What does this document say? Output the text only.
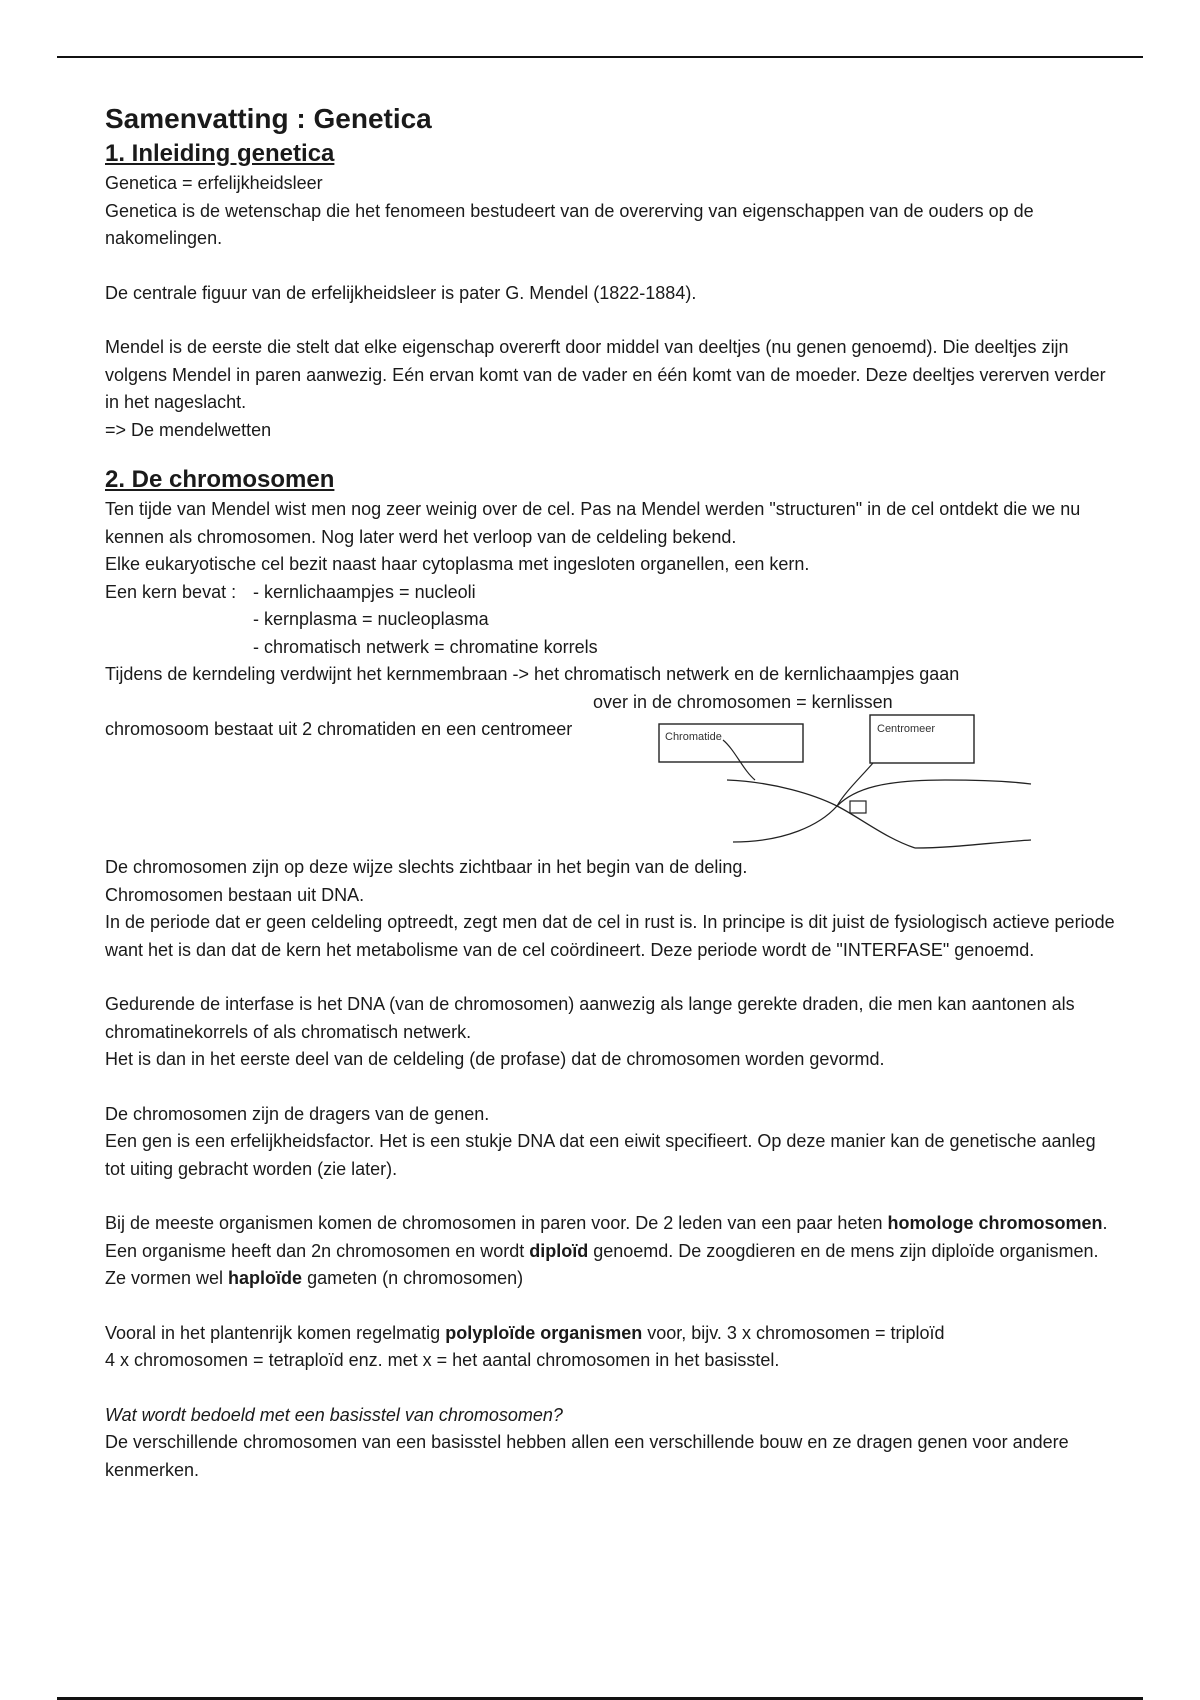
Samenvatting : Genetica

1. Inleiding genetica

Genetica = erfelijkheidsleer

Genetica is de wetenschap die het fenomeen bestudeert van de overerving van eigenschappen van de ouders op de nakomelingen.

De centrale figuur van de erfelijkheidsleer is pater G. Mendel (1822-1884).

Mendel is de eerste die stelt dat elke eigenschap overerft door middel van deeltjes (nu genen genoemd). Die deeltjes zijn volgens Mendel in paren aanwezig. Eén ervan komt van de vader en één komt van de moeder. Deze deeltjes vererven verder in het nageslacht.

=> De mendelwetten

2. De chromosomen

Ten tijde van Mendel wist men nog zeer weinig over de cel. Pas na Mendel werden "structuren" in de cel ontdekt die we nu kennen als chromosomen. Nog later werd het verloop van de celdeling bekend.

Elke eukaryotische cel bezit naast haar cytoplasma met ingesloten organellen, een kern.

Een kern bevat : - kernlichaampjes = nucleoli

- kernplasma = nucleoplasma

- chromatisch netwerk = chromatine korrels

Tijdens de kerndeling verdwijnt het kernmembraan -> het chromatisch netwerk en de kernlichaampjes gaan

over in de chromosomen = kernlissen

chromosoom bestaat uit 2 chromatiden en een centromeer	Chromatide
Centromeer

De chromosomen zijn op deze wijze slechts zichtbaar in het begin van de deling.

Chromosomen bestaan uit DNA.

In de periode dat er geen celdeling optreedt, zegt men dat de cel in rust is. In principe is dit juist de fysiologisch actieve periode want het is dan dat de kern het metabolisme van de cel coördineert. Deze periode wordt de "INTERFASE" genoemd.

Gedurende de interfase is het DNA (van de chromosomen) aanwezig als lange gerekte draden, die men kan aantonen als chromatinekorrels of als chromatisch netwerk.

Het is dan in het eerste deel van de celdeling (de profase) dat de chromosomen worden gevormd.

De chromosomen zijn de dragers van de genen.

Een gen is een erfelijkheidsfactor. Het is een stukje DNA dat een eiwit specifieert. Op deze manier kan de genetische aanleg tot uiting gebracht worden (zie later).

Bij de meeste organismen komen de chromosomen in paren voor. De 2 leden van een paar heten homologe chromosomen. Een organisme heeft dan 2n chromosomen en wordt diploïd genoemd. De zoogdieren en de mens zijn diploïde organismen. Ze vormen wel haploïde gameten (n chromosomen)

Vooral in het plantenrijk komen regelmatig polyploïde organismen voor, bijv. 3 x chromosomen = triploïd

4 x chromosomen = tetraploïd enz. met x = het aantal chromosomen in het basisstel.

Wat wordt bedoeld met een basisstel van chromosomen?

De verschillende chromosomen van een basisstel hebben allen een verschillende bouw en ze dragen genen voor andere kenmerken.
